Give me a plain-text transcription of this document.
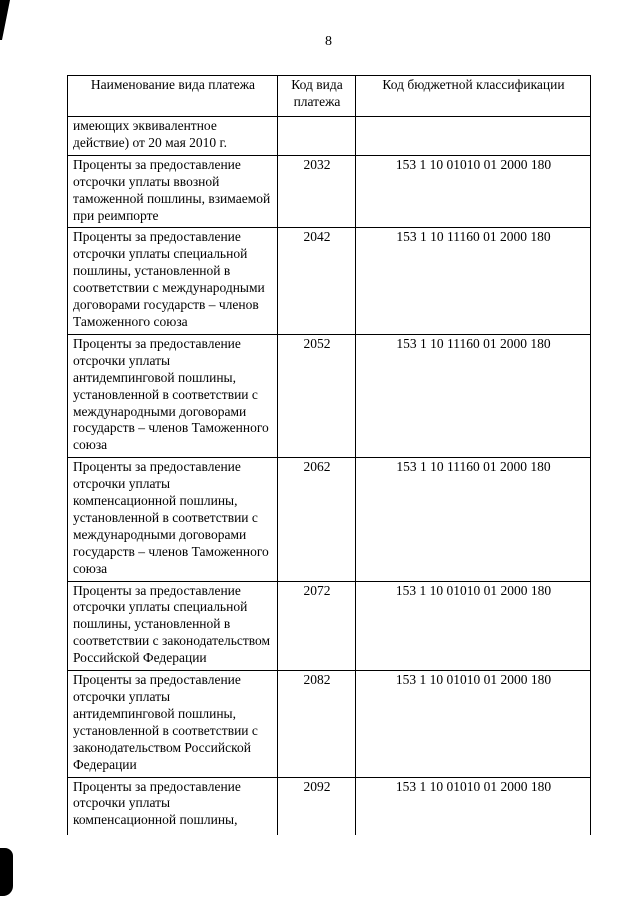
8
Наименование вида платежа	Код вида платежа	Код бюджетной классификации
имеющих эквивалентное действие) от 20 мая 2010 г.		
Проценты за предоставление отсрочки уплаты ввозной таможенной пошлины, взимаемой при реимпорте	2032	153 1 10 01010 01 2000 180
Проценты за предоставление отсрочки уплаты специальной пошлины, установленной в соответствии с международными договорами государств – членов Таможенного союза	2042	153 1 10 11160 01 2000 180
Проценты за предоставление отсрочки уплаты антидемпинговой пошлины, установленной в соответствии с международными договорами государств – членов Таможенного союза	2052	153 1 10 11160 01 2000 180
Проценты за предоставление отсрочки уплаты компенсационной пошлины, установленной в соответствии с международными договорами государств – членов Таможенного союза	2062	153 1 10 11160 01 2000 180
Проценты за предоставление отсрочки уплаты специальной пошлины, установленной в соответствии с законодательством Российской Федерации	2072	153 1 10 01010 01 2000 180
Проценты за предоставление отсрочки уплаты антидемпинговой пошлины, установленной в соответствии с законодательством Российской Федерации	2082	153 1 10 01010 01 2000 180
Проценты за предоставление отсрочки уплаты компенсационной пошлины,	2092	153 1 10 01010 01 2000 180
